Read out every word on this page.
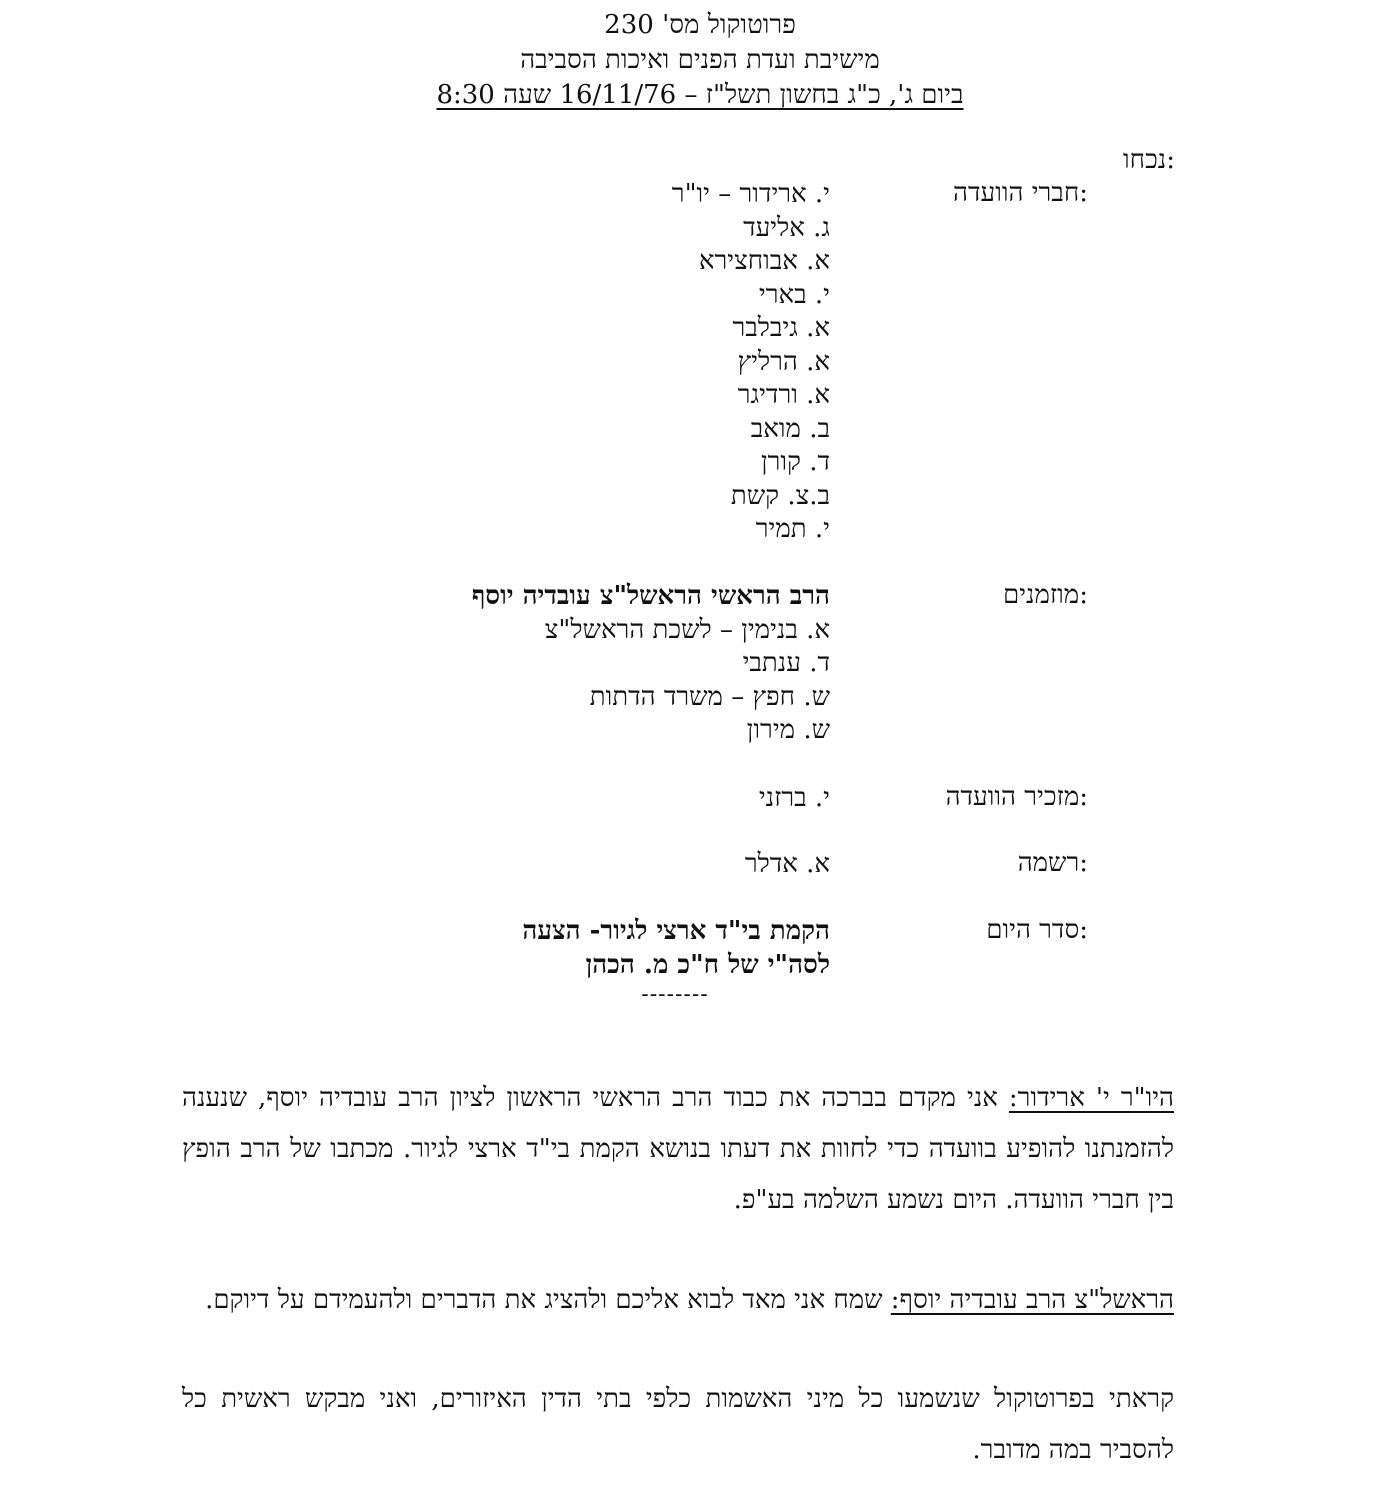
פרוטוקול מס' 230
מישיבת ועדת הפנים ואיכות הסביבה
ביום ג', כ"ג בחשון תשל"ז – 16/11/76 שעה 8:30
נכחו:
חברי הוועדה:
י. ארידור – יו"ר
ג. אליעד
א. אבוחצירא
י. בארי
א. גיבלבר
א. הרליץ
א. ורדיגר
ב. מואב
ד. קורן
ב.צ. קשת
י. תמיר
מוזמנים:
הרב הראשי הראשל"צ עובדיה יוסף
א. בנימין – לשכת הראשל"צ
ד. ענתבי
ש. חפץ – משרד הדתות
ש. מירון
מזכיר הוועדה:
י. ברזני
רשמה:
א. אדלר
סדר היום:
הקמת בי"ד ארצי לגיור- הצעה
לסה"י של ח"כ מ. הכהן
--------
היו"ר י' ארידור: אני מקדם בברכה את כבוד הרב הראשי הראשון לציון הרב עובדיה יוסף, שנענה להזמנתנו להופיע בוועדה כדי לחוות את דעתו בנושא הקמת בי"ד ארצי לגיור. מכתבו של הרב הופץ בין חברי הוועדה. היום נשמע השלמה בע"פ.
הראשל"צ הרב עובדיה יוסף: שמח אני מאד לבוא אליכם ולהציג את הדברים ולהעמידם על דיוקם.
קראתי בפרוטוקול שנשמעו כל מיני האשמות כלפי בתי הדין האיזורים, ואני מבקש ראשית כל להסביר במה מדובר.
